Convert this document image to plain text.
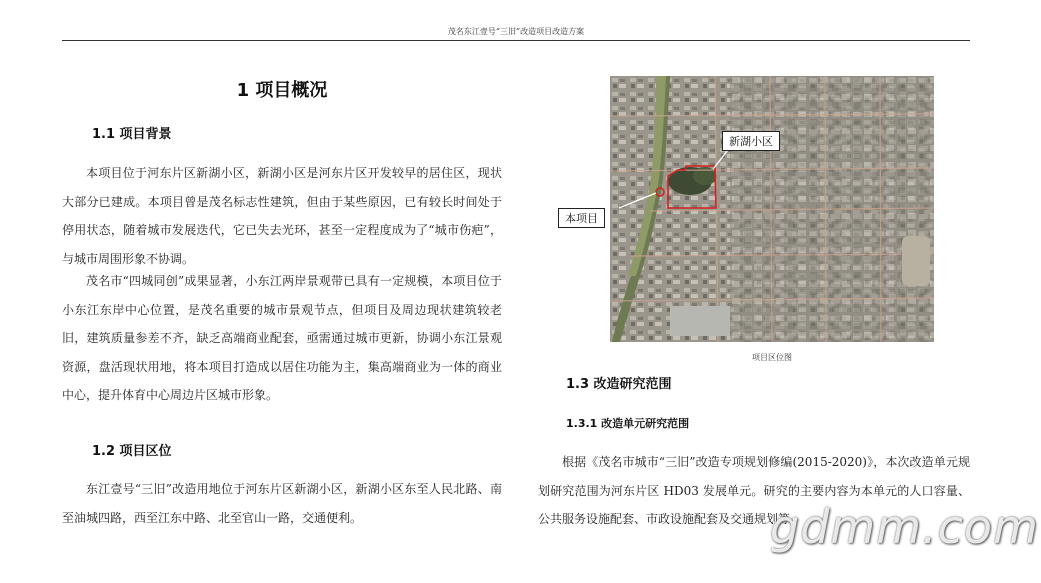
茂名东江壹号“三旧”改造项目改造方案
1 项目概况
1.1 项目背景
本项目位于河东片区新湖小区，新湖小区是河东片区开发较早的居住区，现状大部分已建成。本项目曾是茂名标志性建筑，但由于某些原因，已有较长时间处于停用状态，随着城市发展迭代，它已失去光环，甚至一定程度成为了“城市伤疤”，与城市周围形象不协调。
茂名市“四城同创”成果显著，小东江两岸景观带已具有一定规模，本项目位于小东江东岸中心位置，是茂名重要的城市景观节点，但项目及周边现状建筑较老旧，建筑质量参差不齐，缺乏高端商业配套，亟需通过城市更新，协调小东江景观资源，盘活现状用地，将本项目打造成以居住功能为主，集高端商业为一体的商业中心，提升体育中心周边片区城市形象。
1.2 项目区位
东江壹号“三旧”改造用地位于河东片区新湖小区，新湖小区东至人民北路、南至油城四路，西至江东中路、北至官山一路，交通便利。
新湖小区
本项目
项目区位图
1.3 改造研究范围
1.3.1 改造单元研究范围
根据《茂名市城市“三旧”改造专项规划修编(2015-2020)》，本次改造单元规划研究范围为河东片区 HD03 发展单元。研究的主要内容为本单元的人口容量、公共服务设施配套、市政设施配套及交通规划等。
gdmm.com
